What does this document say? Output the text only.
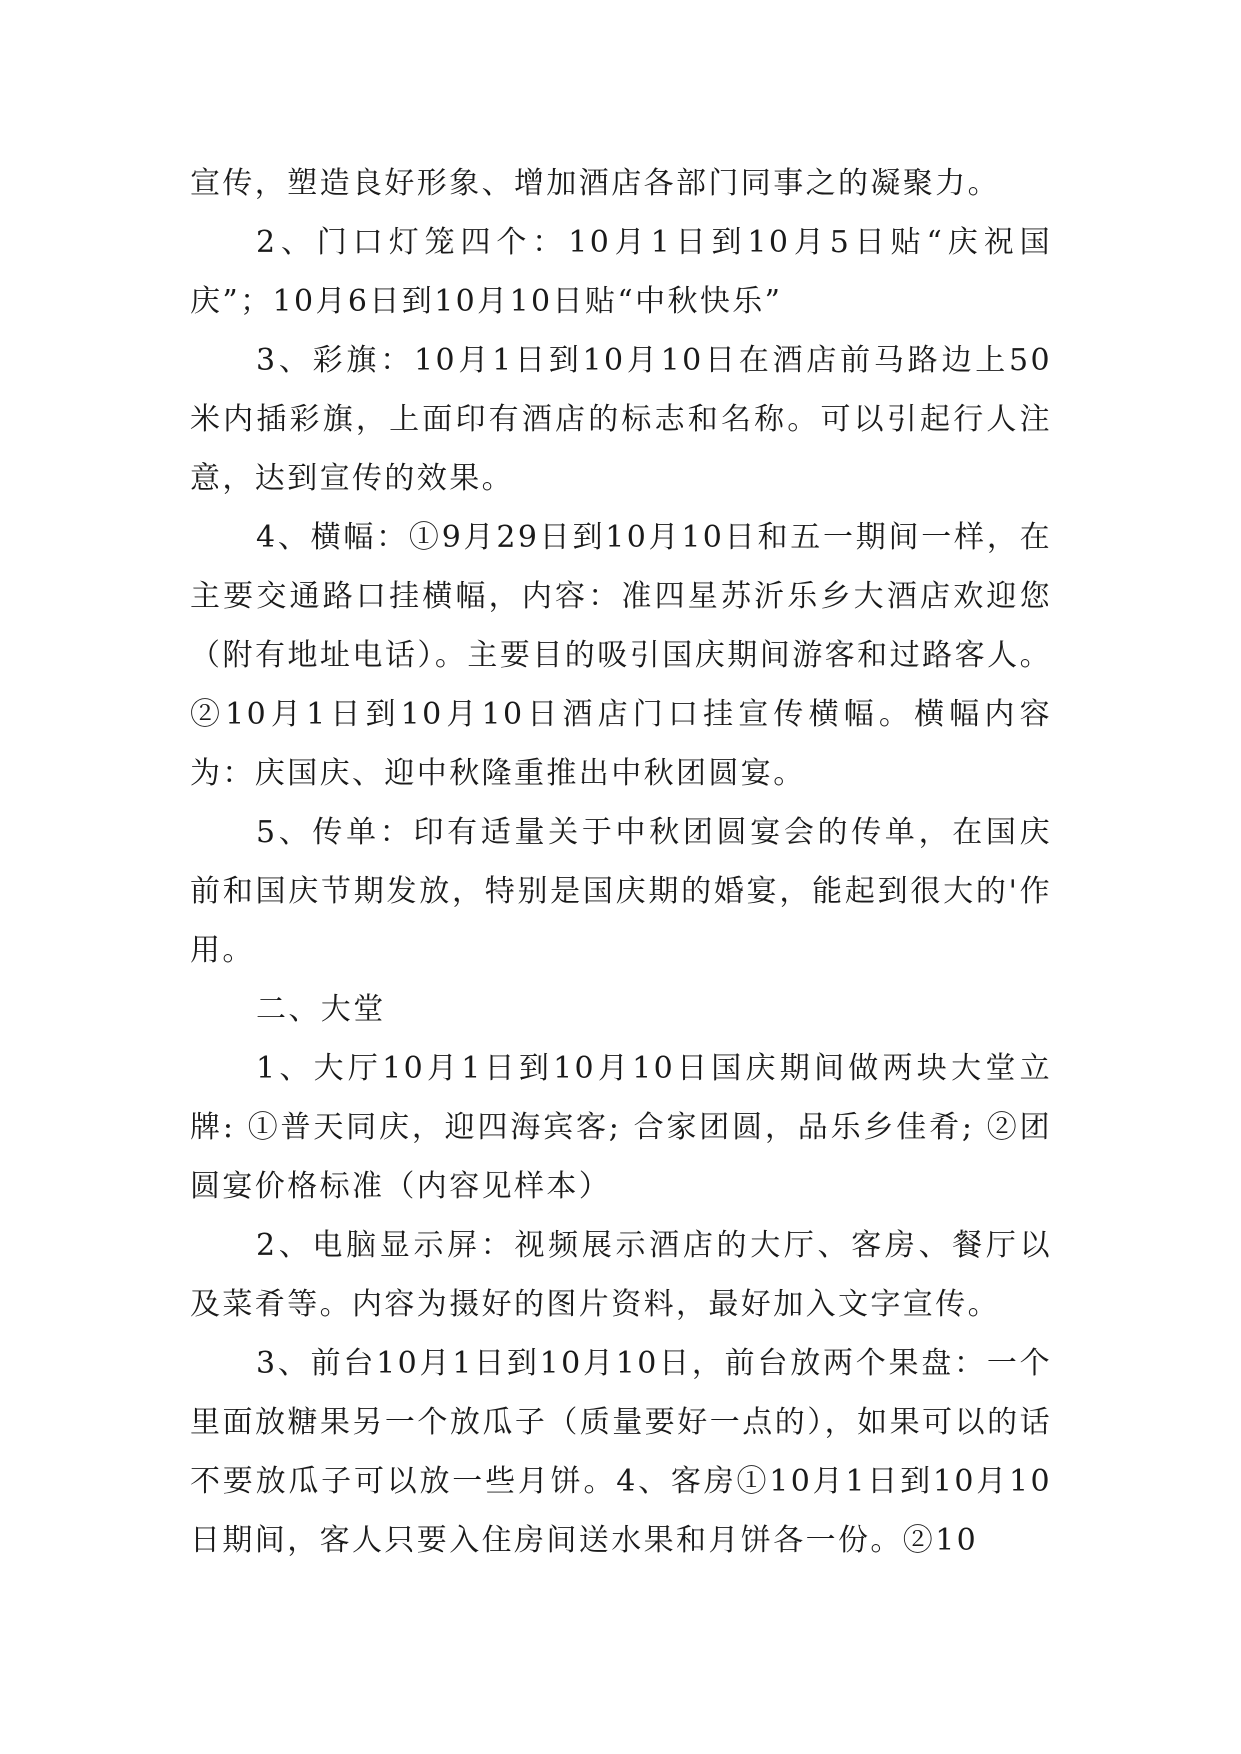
宣传，塑造良好形象、增加酒店各部门同事之的凝聚力。

2、门口灯笼四个：10月1日到10月5日贴“庆祝国庆”；10月6日到10月10日贴“中秋快乐”

3、彩旗：10月1日到10月10日在酒店前马路边上50米内插彩旗，上面印有酒店的标志和名称。可以引起行人注意，达到宣传的效果。

4、横幅：①9月29日到10月10日和五一期间一样，在主要交通路口挂横幅，内容：准四星苏沂乐乡大酒店欢迎您（附有地址电话）。主要目的吸引国庆期间游客和过路客人。②10月1日到10月10日酒店门口挂宣传横幅。横幅内容为：庆国庆、迎中秋隆重推出中秋团圆宴。

5、传单：印有适量关于中秋团圆宴会的传单，在国庆前和国庆节期发放，特别是国庆期的婚宴，能起到很大的'作用。

二、大堂

1、大厅10月1日到10月10日国庆期间做两块大堂立牌: ①普天同庆，迎四海宾客; 合家团圆，品乐乡佳肴; ②团圆宴价格标准（内容见样本）

2、电脑显示屏：视频展示酒店的大厅、客房、餐厅以及菜肴等。内容为摄好的图片资料，最好加入文字宣传。

3、前台10月1日到10月10日，前台放两个果盘：一个里面放糖果另一个放瓜子（质量要好一点的），如果可以的话不要放瓜子可以放一些月饼。4、客房①10月1日到10月10日期间，客人只要入住房间送水果和月饼各一份。②10
